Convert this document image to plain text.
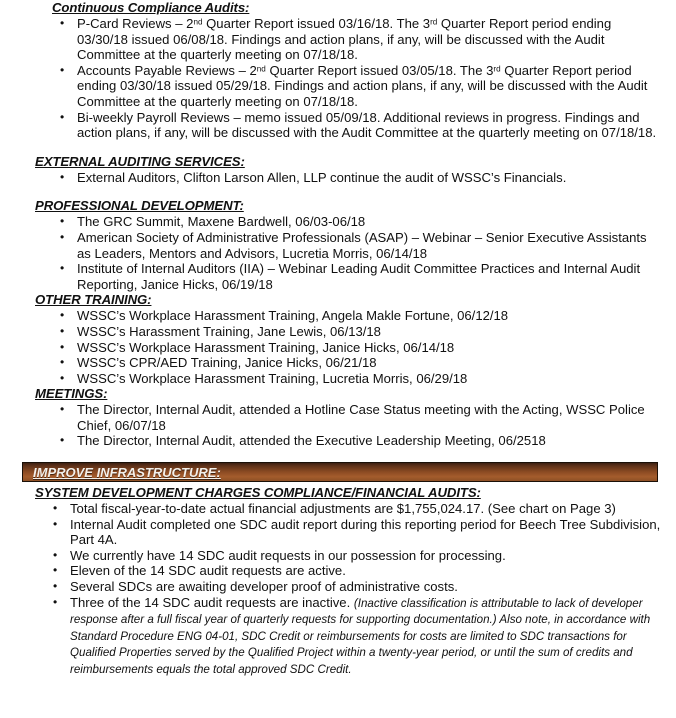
Continuous Compliance Audits:
• P-Card Reviews – 2nd Quarter Report issued 03/16/18. The 3rd Quarter Report period ending 03/30/18 issued 06/08/18. Findings and action plans, if any, will be discussed with the Audit Committee at the quarterly meeting on 07/18/18.
• Accounts Payable Reviews – 2nd Quarter Report issued 03/05/18. The 3rd Quarter Report period ending 03/30/18 issued 05/29/18. Findings and action plans, if any, will be discussed with the Audit Committee at the quarterly meeting on 07/18/18.
• Bi-weekly Payroll Reviews – memo issued 05/09/18. Additional reviews in progress. Findings and action plans, if any, will be discussed with the Audit Committee at the quarterly meeting on 07/18/18.
EXTERNAL AUDITING SERVICES:
• External Auditors, Clifton Larson Allen, LLP continue the audit of WSSC’s Financials.
PROFESSIONAL DEVELOPMENT:
• The GRC Summit, Maxene Bardwell, 06/03-06/18
• American Society of Administrative Professionals (ASAP) – Webinar – Senior Executive Assistants as Leaders, Mentors and Advisors, Lucretia Morris, 06/14/18
• Institute of Internal Auditors (IIA) – Webinar Leading Audit Committee Practices and Internal Audit Reporting, Janice Hicks, 06/19/18
OTHER TRAINING:
• WSSC’s Workplace Harassment Training, Angela Makle Fortune, 06/12/18
• WSSC’s Harassment Training, Jane Lewis, 06/13/18
• WSSC’s Workplace Harassment Training, Janice Hicks, 06/14/18
• WSSC’s CPR/AED Training, Janice Hicks, 06/21/18
• WSSC’s Workplace Harassment Training, Lucretia Morris, 06/29/18
MEETINGS:
• The Director, Internal Audit, attended a Hotline Case Status meeting with the Acting, WSSC Police Chief, 06/07/18
• The Director, Internal Audit, attended the Executive Leadership Meeting, 06/2518
IMPROVE INFRASTRUCTURE:
SYSTEM DEVELOPMENT CHARGES COMPLIANCE/FINANCIAL AUDITS:
• Total fiscal-year-to-date actual financial adjustments are $1,755,024.17. (See chart on Page 3)
• Internal Audit completed one SDC audit report during this reporting period for Beech Tree Subdivision, Part 4A.
• We currently have 14 SDC audit requests in our possession for processing.
• Eleven of the 14 SDC audit requests are active.
• Several SDCs are awaiting developer proof of administrative costs.
• Three of the 14 SDC audit requests are inactive. (Inactive classification is attributable to lack of developer response after a full fiscal year of quarterly requests for supporting documentation.) Also note, in accordance with Standard Procedure ENG 04-01, SDC Credit or reimbursements for costs are limited to SDC transactions for Qualified Properties served by the Qualified Project within a twenty-year period, or until the sum of credits and reimbursements equals the total approved SDC Credit.
